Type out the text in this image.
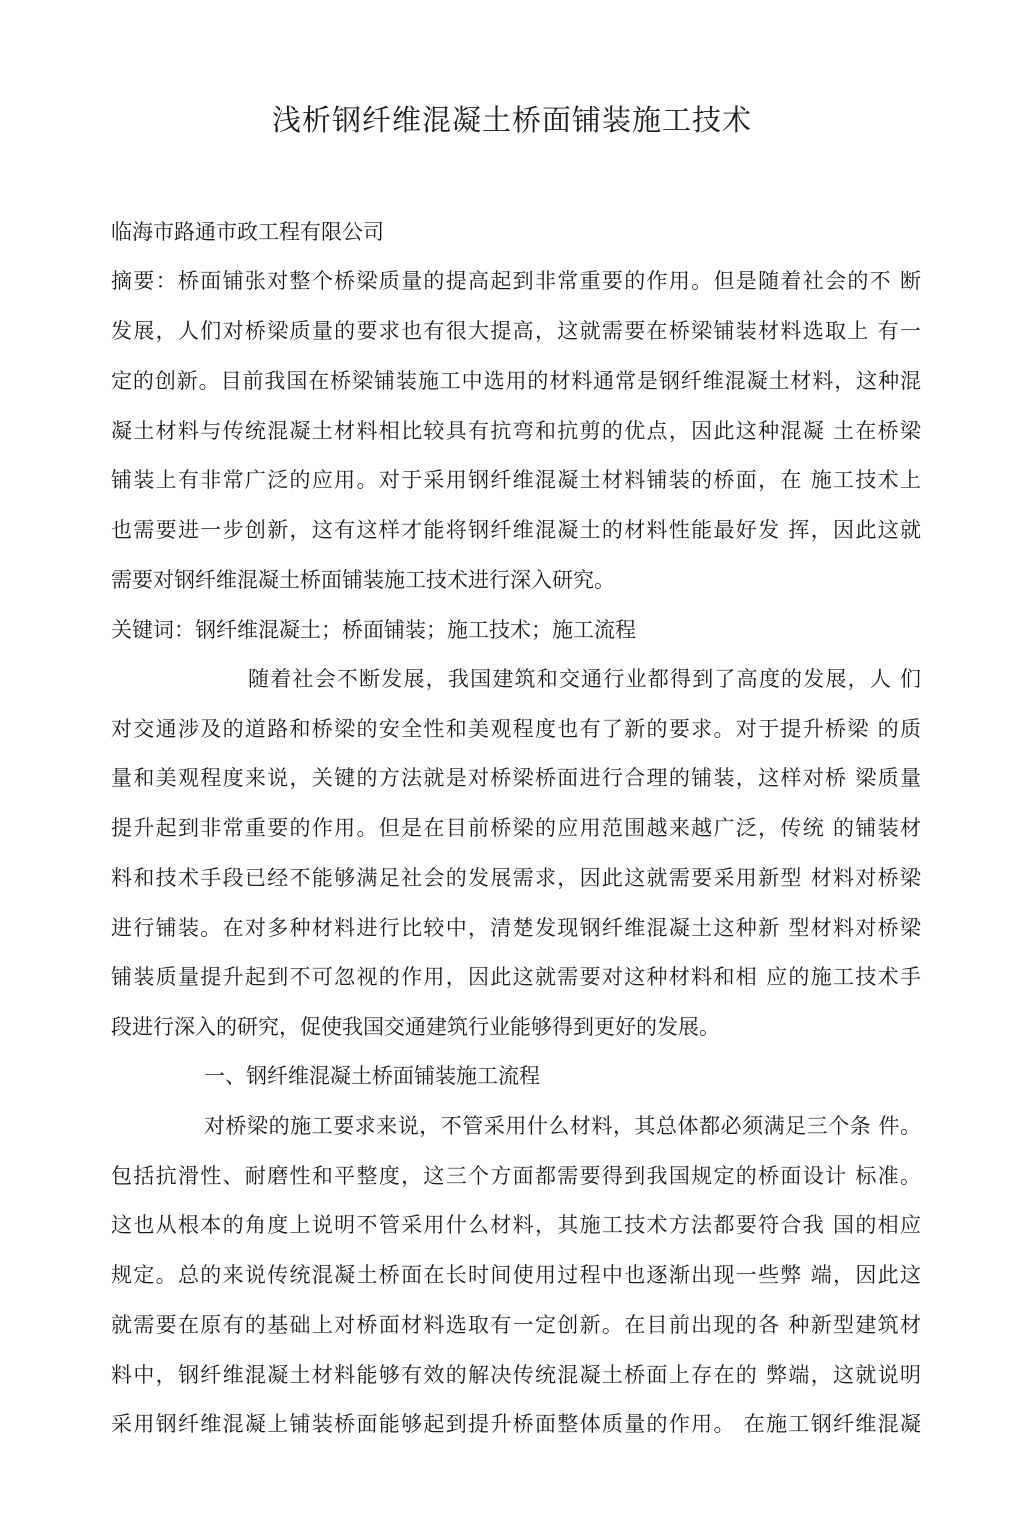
浅析钢纤维混凝土桥面铺装施工技术
临海市路通市政工程有限公司
摘要：桥面铺张对整个桥梁质量的提高起到非常重要的作用。但是随着社会的不 断
发展，人们对桥梁质量的要求也有很大提高，这就需要在桥梁铺装材料选取上 有一
定的创新。目前我国在桥梁铺装施工中选用的材料通常是钢纤维混凝土材料，这种混
凝土材料与传统混凝土材料相比较具有抗弯和抗剪的优点，因此这种混凝 土在桥梁
铺装上有非常广泛的应用。对于采用钢纤维混凝土材料铺装的桥面，在 施工技术上
也需要进一步创新，这有这样才能将钢纤维混凝土的材料性能最好发 挥，因此这就
需要对钢纤维混凝土桥面铺装施工技术进行深入研究。
关键词：钢纤维混凝土；桥面铺装；施工技术；施工流程
随着社会不断发展，我国建筑和交通行业都得到了高度的发展，人 们
对交通涉及的道路和桥梁的安全性和美观程度也有了新的要求。对于提升桥梁 的质
量和美观程度来说，关键的方法就是对桥梁桥面进行合理的铺装，这样对桥 梁质量
提升起到非常重要的作用。但是在目前桥梁的应用范围越来越广泛，传统 的铺装材
料和技术手段已经不能够满足社会的发展需求，因此这就需要采用新型 材料对桥梁
进行铺装。在对多种材料进行比较中，清楚发现钢纤维混凝土这种新 型材料对桥梁
铺装质量提升起到不可忽视的作用，因此这就需要对这种材料和相 应的施工技术手
段进行深入的研究，促使我国交通建筑行业能够得到更好的发展。
一、钢纤维混凝土桥面铺装施工流程
对桥梁的施工要求来说，不管采用什么材料，其总体都必须满足三个条 件。
包括抗滑性、耐磨性和平整度，这三个方面都需要得到我国规定的桥面设计 标准。
这也从根本的角度上说明不管采用什么材料，其施工技术方法都要符合我 国的相应
规定。总的来说传统混凝土桥面在长时间使用过程中也逐渐出现一些弊 端，因此这
就需要在原有的基础上对桥面材料选取有一定创新。在目前出现的各 种新型建筑材
料中，钢纤维混凝土材料能够有效的解决传统混凝土桥面上存在的 弊端，这就说明
采用钢纤维混凝上铺装桥面能够起到提升桥面整体质量的作用。 在施工钢纤维混凝
